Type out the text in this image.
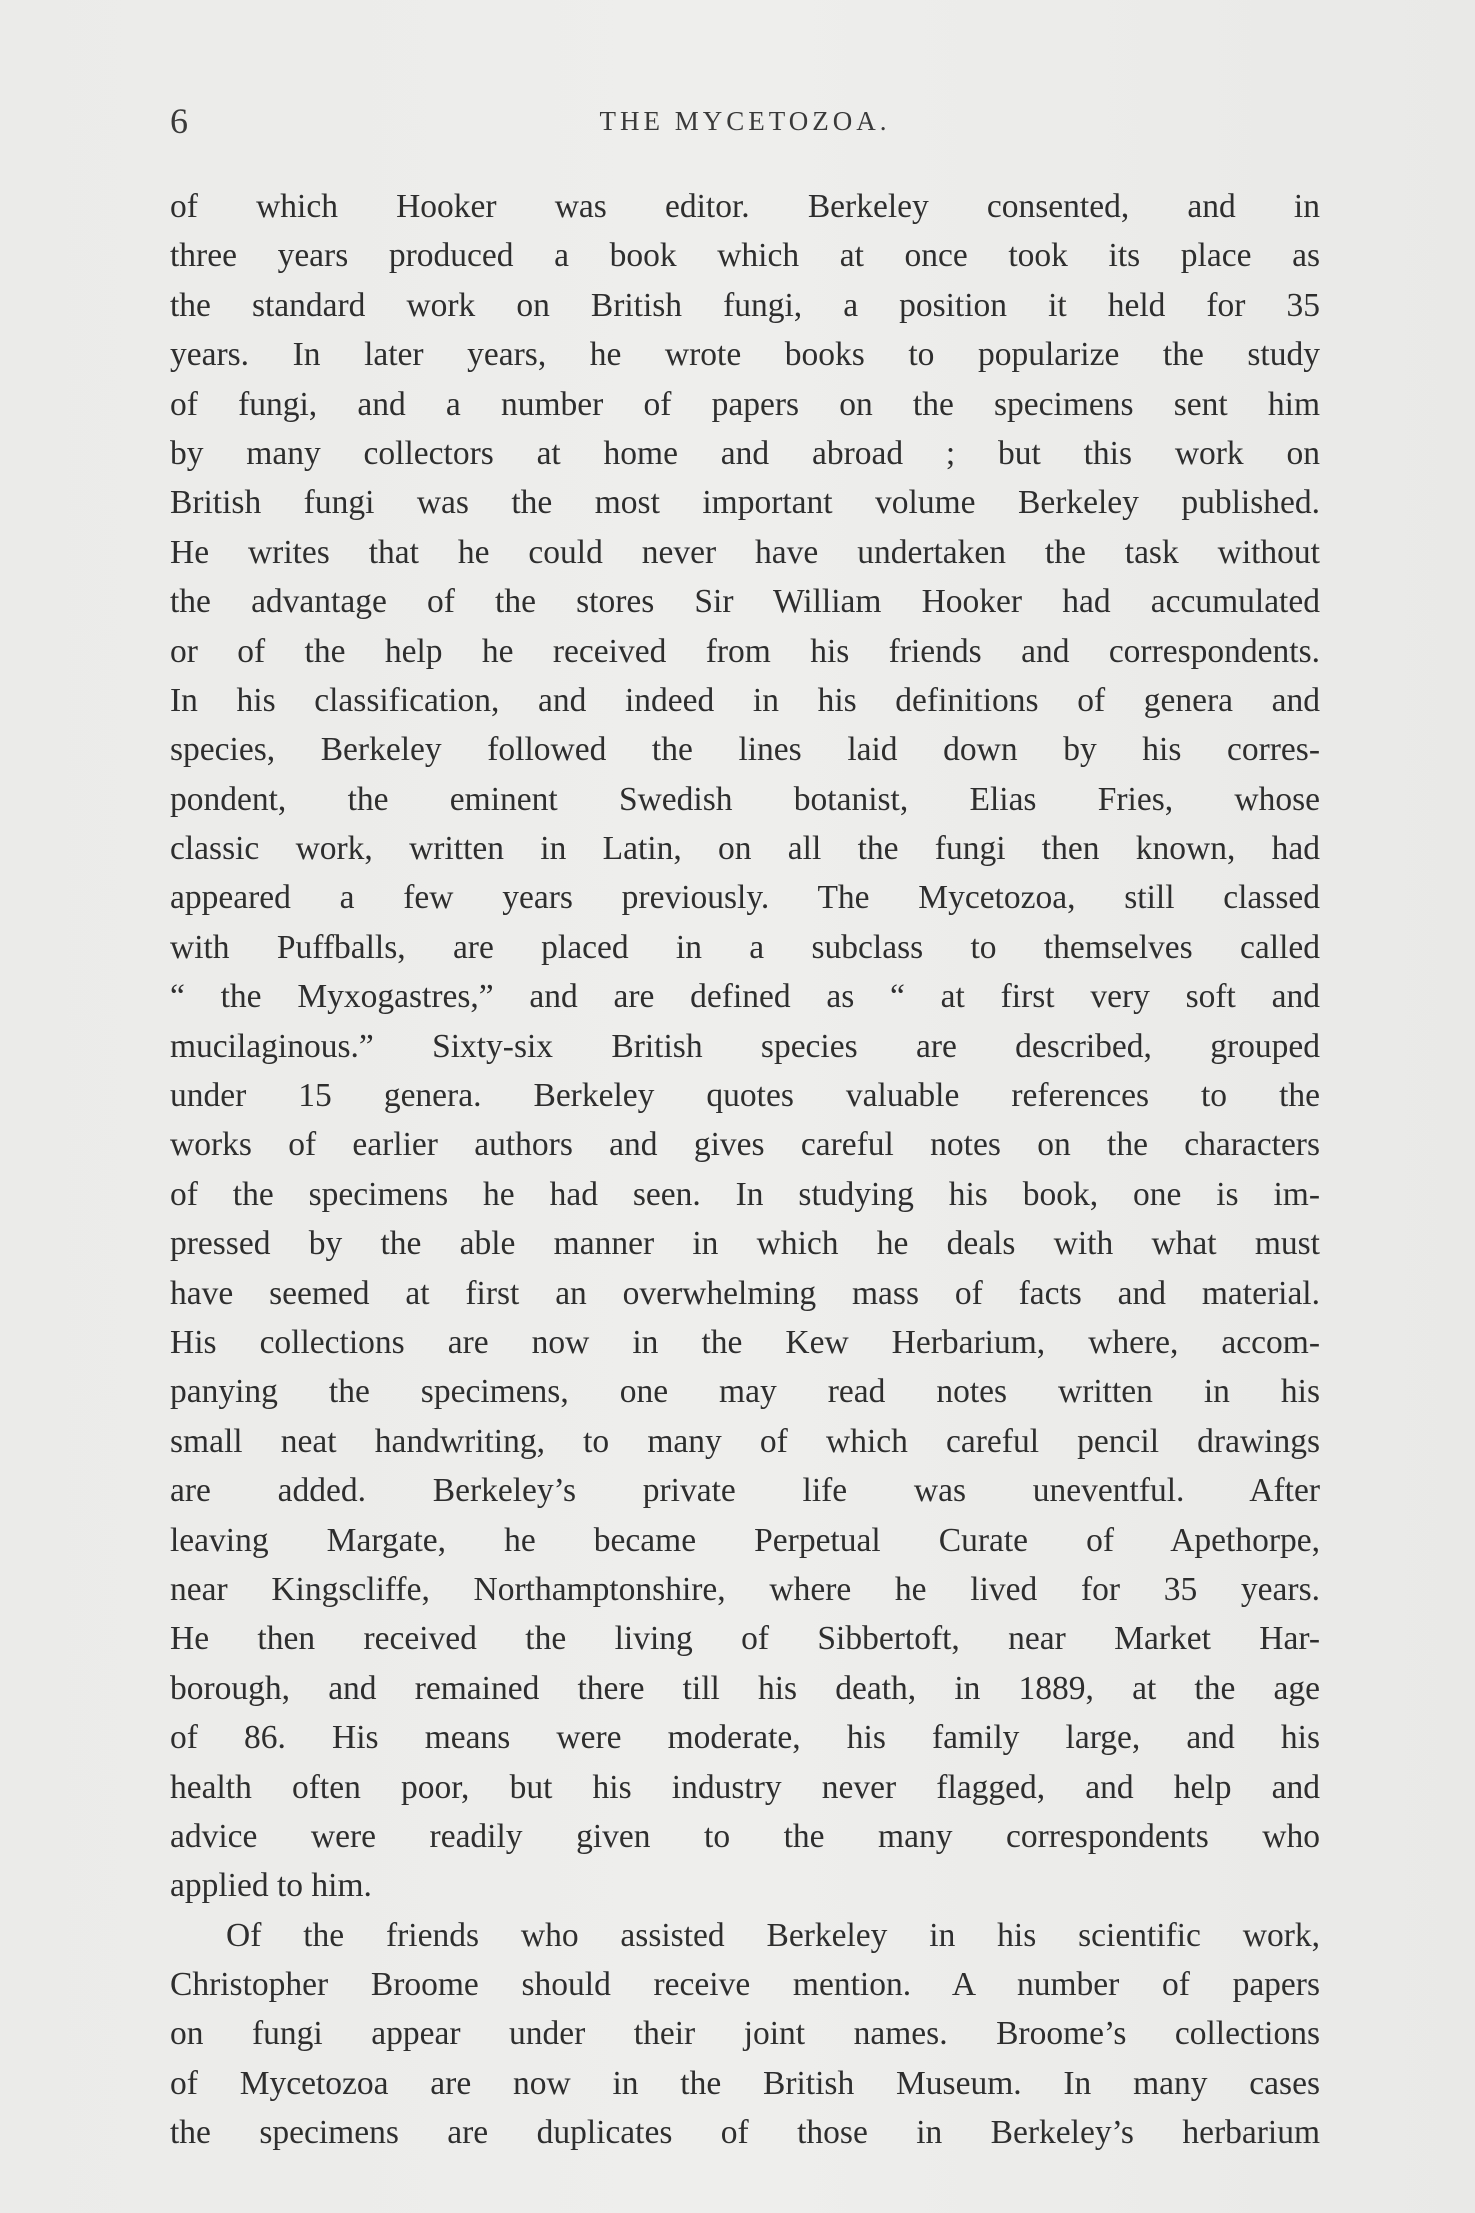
6	THE MYCETOZOA.
of which Hooker was editor. Berkeley consented, and in
three years produced a book which at once took its place as
the standard work on British fungi, a position it held for 35
years. In later years, he wrote books to popularize the study
of fungi, and a number of papers on the specimens sent him
by many collectors at home and abroad ; but this work on
British fungi was the most important volume Berkeley published.
He writes that he could never have undertaken the task without
the advantage of the stores Sir William Hooker had accumulated
or of the help he received from his friends and correspondents.
In his classification, and indeed in his definitions of genera and
species, Berkeley followed the lines laid down by his corres-
pondent, the eminent Swedish botanist, Elias Fries, whose
classic work, written in Latin, on all the fungi then known, had
appeared a few years previously. The Mycetozoa, still classed
with Puffballs, are placed in a subclass to themselves called
“ the Myxogastres,” and are defined as “ at first very soft and
mucilaginous.” Sixty-six British species are described, grouped
under 15 genera. Berkeley quotes valuable references to the
works of earlier authors and gives careful notes on the characters
of the specimens he had seen. In studying his book, one is im-
pressed by the able manner in which he deals with what must
have seemed at first an overwhelming mass of facts and material.
His collections are now in the Kew Herbarium, where, accom-
panying the specimens, one may read notes written in his
small neat handwriting, to many of which careful pencil drawings
are added. Berkeley’s private life was uneventful. After
leaving Margate, he became Perpetual Curate of Apethorpe,
near Kingscliffe, Northamptonshire, where he lived for 35 years.
He then received the living of Sibbertoft, near Market Har-
borough, and remained there till his death, in 1889, at the age
of 86. His means were moderate, his family large, and his
health often poor, but his industry never flagged, and help and
advice were readily given to the many correspondents who
applied to him.
Of the friends who assisted Berkeley in his scientific work,
Christopher Broome should receive mention. A number of papers
on fungi appear under their joint names. Broome’s collections
of Mycetozoa are now in the British Museum. In many cases
the specimens are duplicates of those in Berkeley’s herbarium
